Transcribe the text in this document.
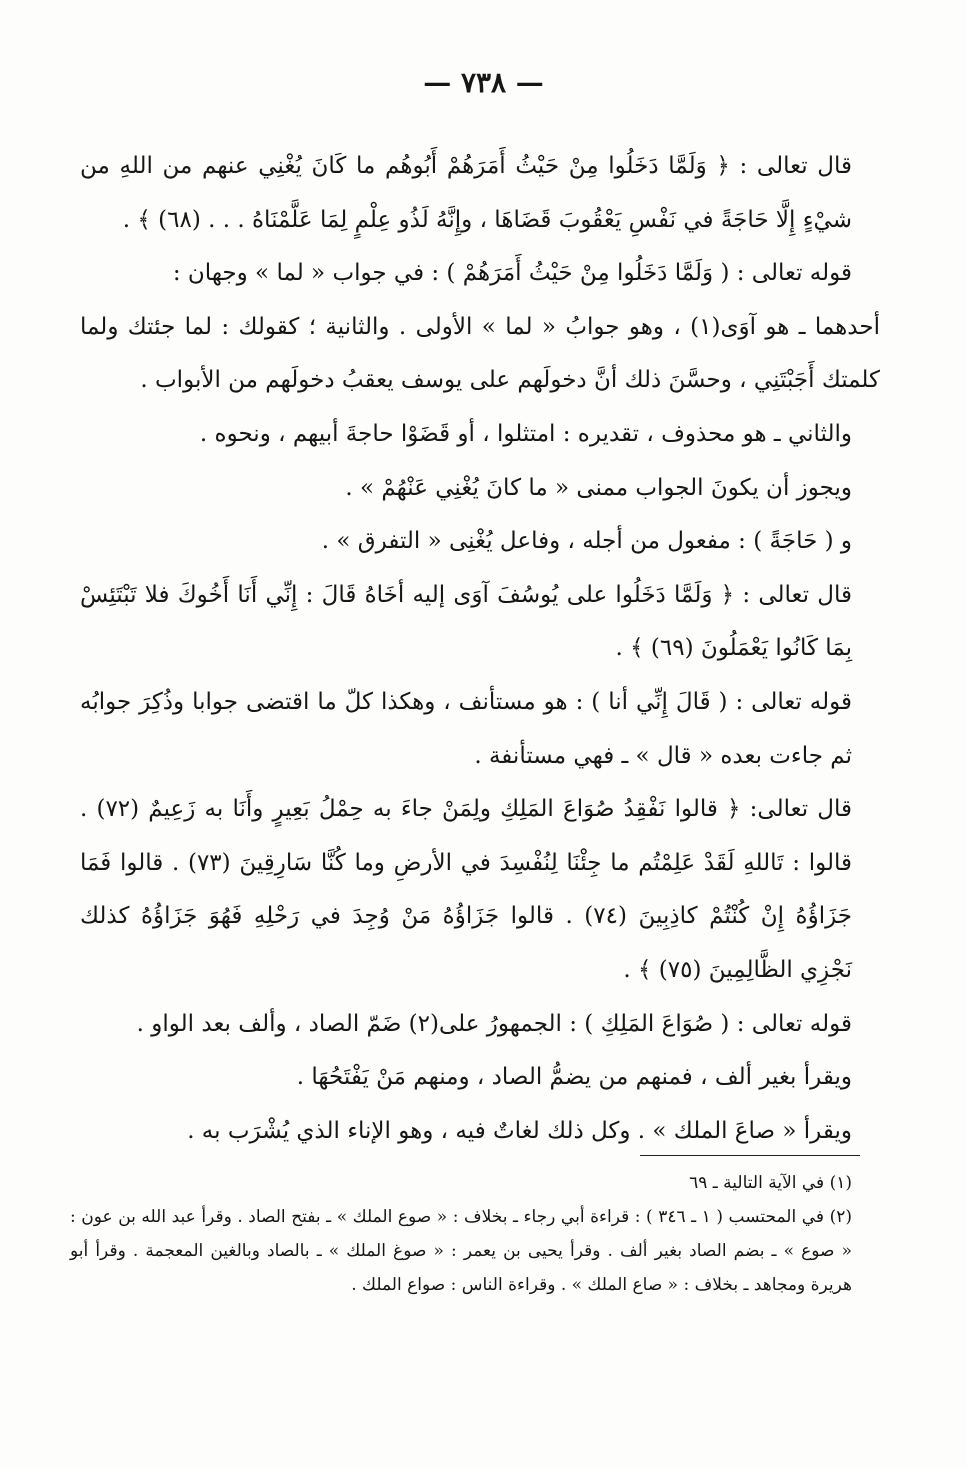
— ٧٣٨ —

قال تعالى : ﴿ وَلَمَّا دَخَلُوا مِنْ حَيْثُ أَمَرَهُمْ أَبُوهُم ما كَانَ يُغْنِي عنهم من اللهِ من شيْءٍ إِلَّا حَاجَةً في نَفْسِ يَعْقُوبَ قَضَاهَا ، وإِنَّهُ لَذُو عِلْمٍ لِمَا عَلَّمْنَاهُ . . . (٦٨) ﴾ .

قوله تعالى : ( وَلَمَّا دَخَلُوا مِنْ حَيْثُ أَمَرَهُمْ ) : في جواب « لما » وجهان :

أحدهما ـ هو آوَى(١) ، وهو جوابُ « لما » الأولى . والثانية ؛ كقولك : لما جئتك ولما كلمتك أَجَبْتَنِي ، وحسَّنَ ذلك أنَّ دخولَهم على يوسف يعقبُ دخولَهم من الأبواب .

والثاني ـ هو محذوف ، تقديره : امتثلوا ، أو قَضَوْا حاجةَ أبيهم ، ونحوه .

ويجوز أن يكونَ الجواب ممنى « ما كانَ يُغْنِي عَنْهُمْ » .

و ( حَاجَةً ) : مفعول من أجله ، وفاعل يُغْنِى « التفرق » .

قال تعالى : ﴿ وَلَمَّا دَخَلُوا على يُوسُفَ آوَى إليه أخَاهُ قَالَ : إِنِّي أَنَا أَخُوكَ فلا تَبْتَئِسْ بِمَا كَانُوا يَعْمَلُونَ (٦٩) ﴾ .

قوله تعالى : ( قَالَ إِنِّي أنا ) : هو مستأنف ، وهكذا كلّ ما اقتضى جوابا وذُكِرَ جوابُه ثم جاءت بعده « قال » ـ فهي مستأنفة .

قال تعالى: ﴿ قالوا نَفْقِدُ صُوَاعَ المَلِكِ ولِمَنْ جاءَ به حِمْلُ بَعِيرٍ وأَنَا به زَعِيمٌ (٧٢) . قالوا : تَاللهِ لَقَدْ عَلِمْتُم ما جِئْنَا لِنُفْسِدَ في الأرضِ وما كُنَّا سَارِقِينَ (٧٣) . قالوا فَمَا جَزَاؤُهُ إِنْ كُنْتُمْ كاذِبِينَ (٧٤) . قالوا جَزَاؤُهُ مَنْ وُجِدَ في رَحْلِهِ فَهُوَ جَزَاؤُهُ كذلك نَجْزِي الظَّالِمِينَ (٧٥) ﴾ .

قوله تعالى : ( صُوَاعَ المَلِكِ ) : الجمهورُ على(٢) ضَمّ الصاد ، وألف بعد الواو .

ويقرأ بغير ألف ، فمنهم من يضمُّ الصاد ، ومنهم مَنْ يَفْتَحُهَا .

ويقرأ « صاعَ الملك » . وكل ذلك لغاتٌ فيه ، وهو الإناء الذي يُشْرَب به .

(١) في الآية التالية ـ ٦٩

(٢) في المحتسب ( ١ ـ ٣٤٦ ) : قراءة أبي رجاء ـ بخلاف : « صوع الملك » ـ بفتح الصاد . وقرأ عبد الله بن عون : « صوع » ـ بضم الصاد بغير ألف . وقرأ يحيى بن يعمر : « صوغ الملك » ـ بالصاد وبالغين المعجمة . وقرأ أبو هريرة ومجاهد ـ بخلاف : « صاع الملك » . وقراءة الناس : صواع الملك .
